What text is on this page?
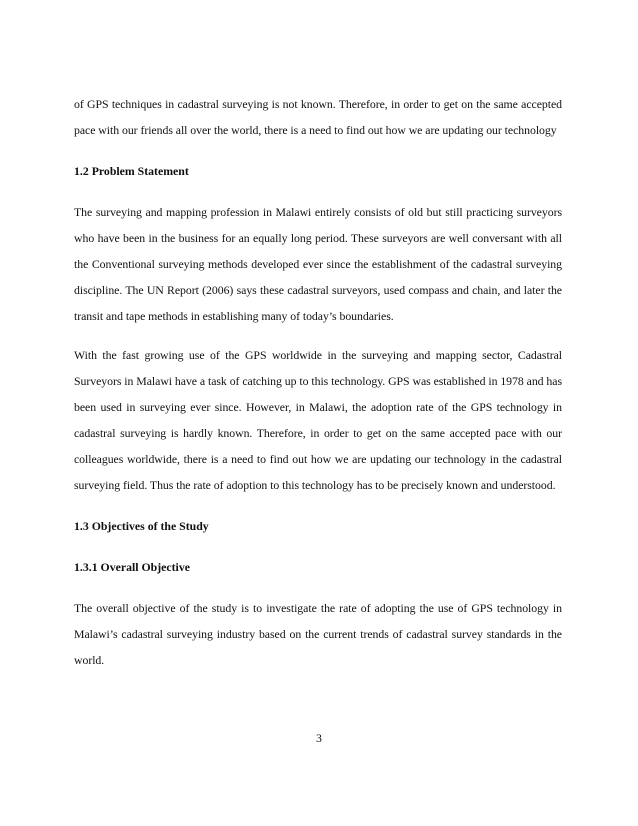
of GPS techniques in cadastral surveying is not known. Therefore, in order to get on the same accepted pace with our friends all over the world, there is a need to find out how we are updating our technology

1.2 Problem Statement

The surveying and mapping profession in Malawi entirely consists of old but still practicing surveyors who have been in the business for an equally long period. These surveyors are well conversant with all the Conventional surveying methods developed ever since the establishment of the cadastral surveying discipline. The UN Report (2006) says these cadastral surveyors, used compass and chain, and later the transit and tape methods in establishing many of today’s boundaries.

With the fast growing use of the GPS worldwide in the surveying and mapping sector, Cadastral Surveyors in Malawi have a task of catching up to this technology. GPS was established in 1978 and has been used in surveying ever since. However, in Malawi, the adoption rate of the GPS technology in cadastral surveying is hardly known. Therefore, in order to get on the same accepted pace with our colleagues worldwide, there is a need to find out how we are updating our technology in the cadastral surveying field. Thus the rate of adoption to this technology has to be precisely known and understood.

1.3 Objectives of the Study
1.3.1 Overall Objective

The overall objective of the study is to investigate the rate of adopting the use of GPS technology in Malawi’s cadastral surveying industry based on the current trends of cadastral survey standards in the world.

3
